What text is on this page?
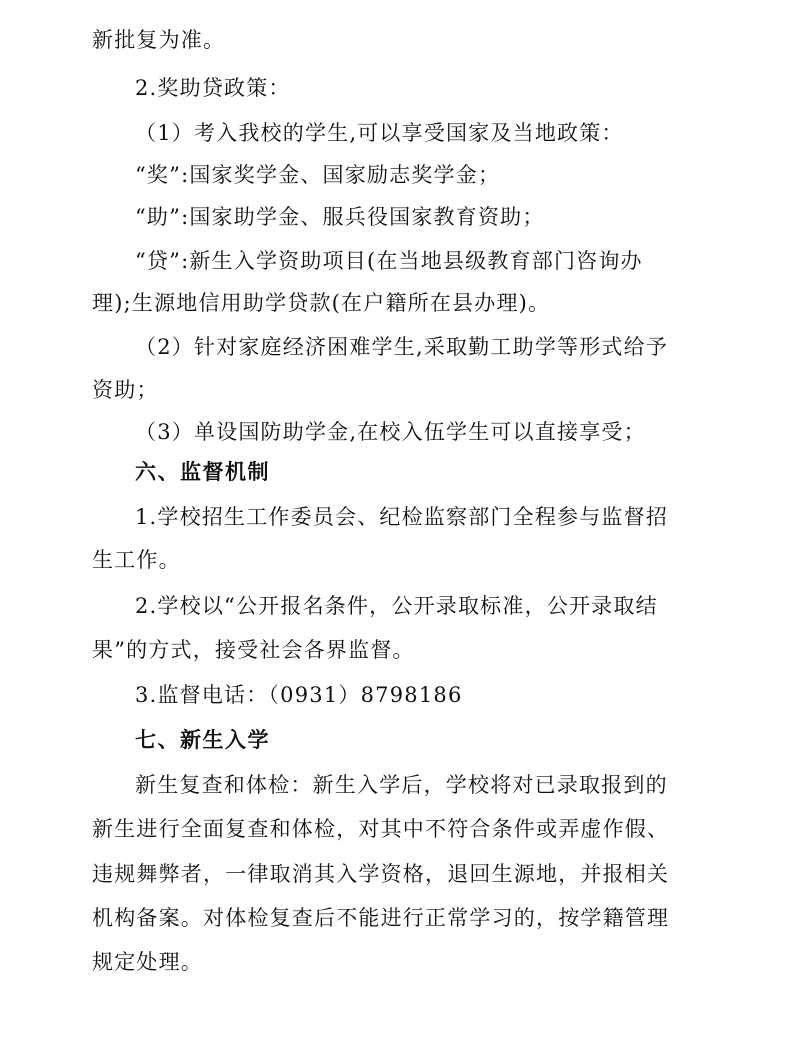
新批复为准。
2.奖助贷政策：
（1）考入我校的学生,可以享受国家及当地政策：
“奖”:国家奖学金、国家励志奖学金；
“助”:国家助学金、服兵役国家教育资助；
“贷”:新生入学资助项目(在当地县级教育部门咨询办
理);生源地信用助学贷款(在户籍所在县办理)。
（2）针对家庭经济困难学生,采取勤工助学等形式给予
资助；
（3）单设国防助学金,在校入伍学生可以直接享受；
六、监督机制
1.学校招生工作委员会、纪检监察部门全程参与监督招
生工作。
2.学校以“公开报名条件，公开录取标准，公开录取结
果”的方式，接受社会各界监督。
3.监督电话：（0931）8798186
七、新生入学
新生复查和体检：新生入学后，学校将对已录取报到的
新生进行全面复查和体检，对其中不符合条件或弄虚作假、
违规舞弊者，一律取消其入学资格，退回生源地，并报相关
机构备案。对体检复查后不能进行正常学习的，按学籍管理
规定处理。
